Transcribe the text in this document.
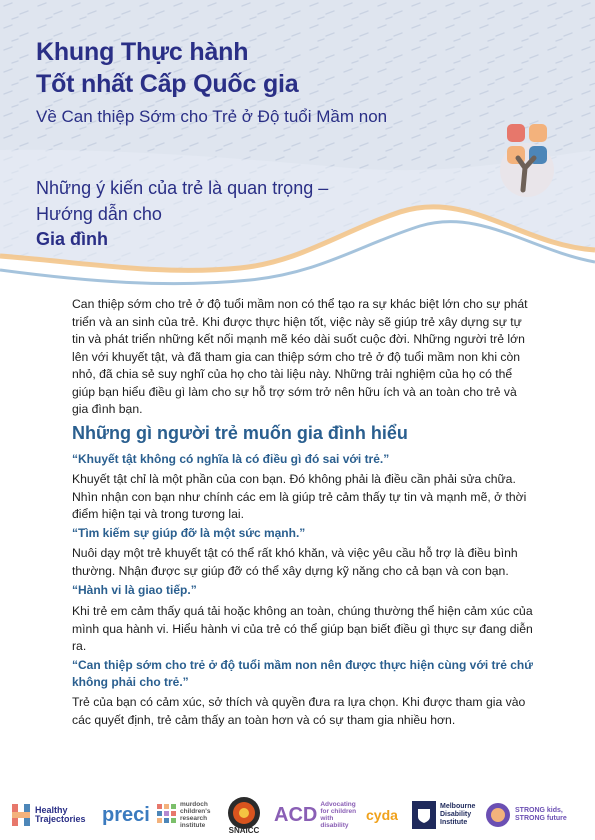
Khung Thực hành
Tốt nhất Cấp Quốc gia
Về Can thiệp Sớm cho Trẻ ở Độ tuổi Mầm non
Những ý kiến của trẻ là quan trọng –
Hướng dẫn cho
Gia đình
Can thiệp sớm cho trẻ ở độ tuổi mầm non có thể tạo ra sự khác biệt lớn cho sự phát triển và an sinh của trẻ. Khi được thực hiện tốt, việc này sẽ giúp trẻ xây dựng sự tự tin và phát triển những kết nối mạnh mẽ kéo dài suốt cuộc đời. Những người trẻ lớn lên với khuyết tật, và đã tham gia can thiệp sớm cho trẻ ở độ tuổi mầm non khi còn nhỏ, đã chia sẻ suy nghĩ của họ cho tài liệu này. Những trải nghiệm của họ có thể giúp bạn hiểu điều gì làm cho sự hỗ trợ sớm trở nên hữu ích và an toàn cho trẻ và gia đình bạn.
Những gì người trẻ muốn gia đình hiểu
“Khuyết tật không có nghĩa là có điều gì đó sai với trẻ.”
Khuyết tật chỉ là một phần của con bạn. Đó không phải là điều cần phải sửa chữa. Nhìn nhận con bạn như chính các em là giúp trẻ cảm thấy tự tin và mạnh mẽ, ở thời điểm hiện tại và trong tương lai.
“Tìm kiếm sự giúp đỡ là một sức mạnh.”
Nuôi dạy một trẻ khuyết tật có thể rất khó khăn, và việc yêu cầu hỗ trợ là điều bình thường. Nhận được sự giúp đỡ có thể xây dựng kỹ năng cho cả bạn và con bạn.
“Hành vi là giao tiếp.”
Khi trẻ em cảm thấy quá tải hoặc không an toàn, chúng thường thể hiện cảm xúc của mình qua hành vi. Hiểu hành vi của trẻ có thể giúp bạn biết điều gì thực sự đang diễn ra.
“Can thiệp sớm cho trẻ ở độ tuổi mầm non nên được thực hiện cùng với trẻ chứ không phải cho trẻ.”
Trẻ của bạn có cảm xúc, sở thích và quyền đưa ra lựa chọn. Khi được tham gia vào các quyết định, trẻ cảm thấy an toàn hơn và có sự tham gia nhiều hơn.
Healthy Trajectories preci	murdoch children's research institute
SNAICC
ACD Advocating for children with disability
cyda
Melbourne Disability Institute
STRONG kids, STRONG future
